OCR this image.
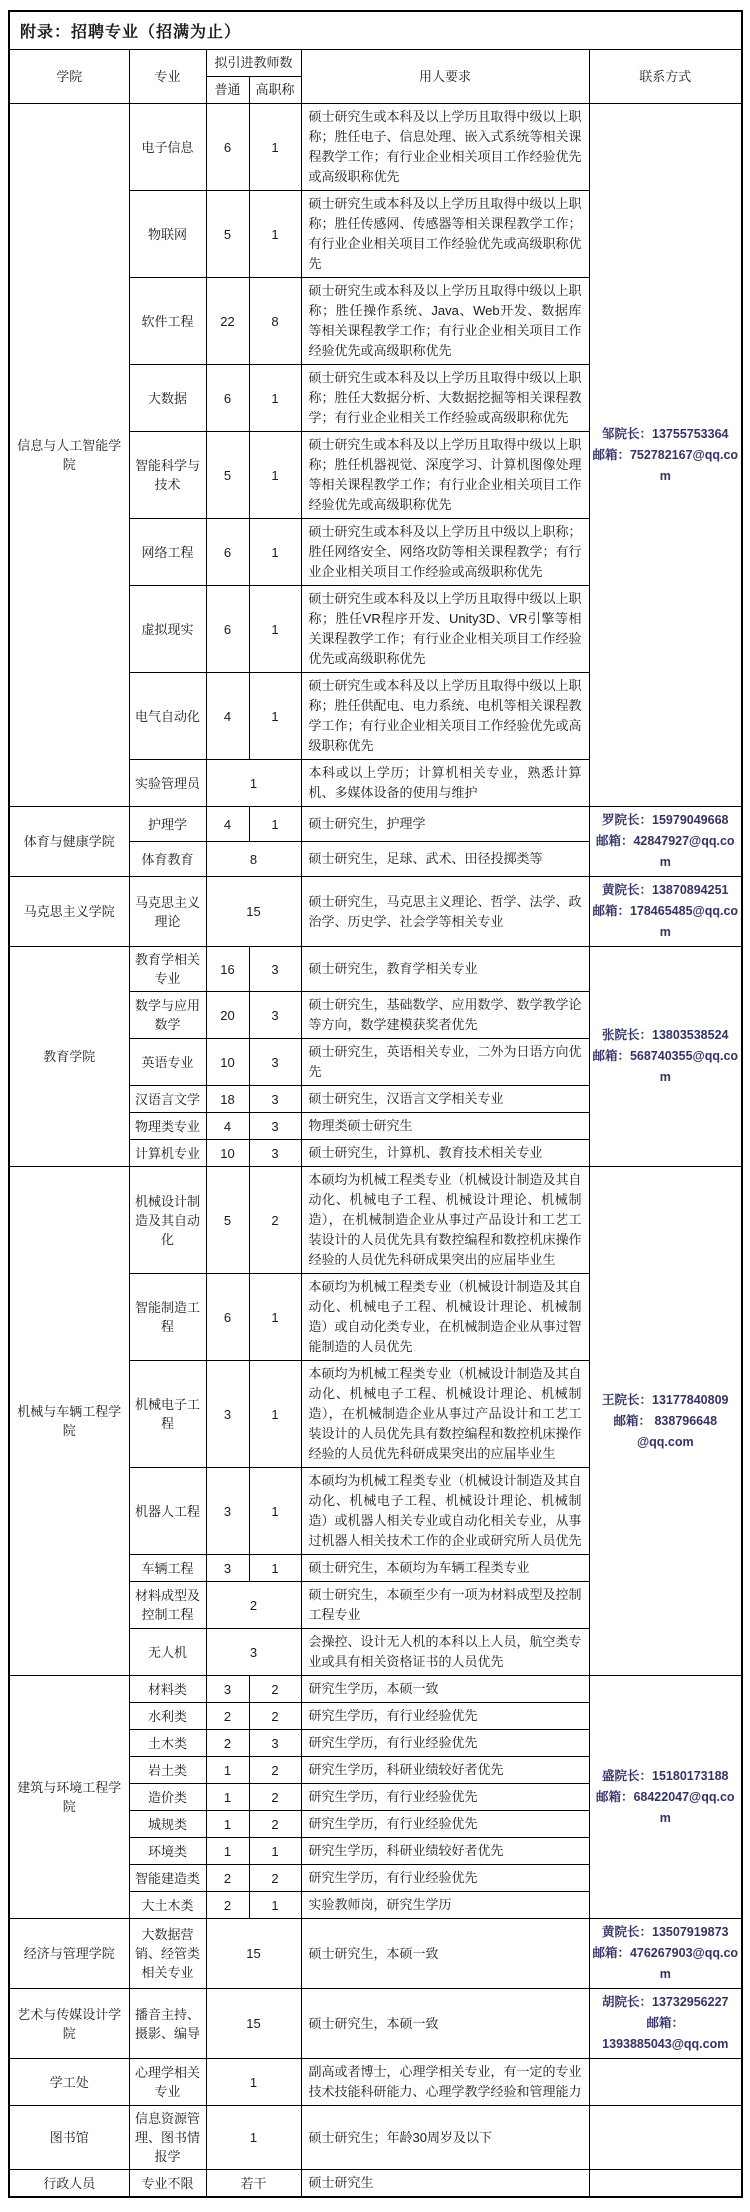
附录：招聘专业（招满为止）					
学院	专业	拟引进教师数		用人要求	联系方式
		普通	高职称		
信息与人工智能学院	电子信息	6	1	硕士研究生或本科及以上学历且取得中级以上职称；胜任电子、信息处理、嵌入式系统等相关课程教学工作；有行业企业相关项目工作经验优先或高级职称优先	邹院长：13755753364
邮箱：752782167@qq.com

	物联网	5	1	硕士研究生或本科及以上学历且取得中级以上职称；胜任传感网、传感器等相关课程教学工作；有行业企业相关项目工作经验优先或高级职称优先	
	软件工程	22	8	硕士研究生或本科及以上学历且取得中级以上职称；胜任操作系统、Java、Web开发、数据库等相关课程教学工作；有行业企业相关项目工作经验优先或高级职称优先	
	大数据	6	1	硕士研究生或本科及以上学历且取得中级以上职称；胜任大数据分析、大数据挖掘等相关课程教学；有行业企业相关工作经验或高级职称优先	
	智能科学与技术	5	1	硕士研究生或本科及以上学历且取得中级以上职称；胜任机器视觉、深度学习、计算机图像处理等相关课程教学工作；有行业企业相关项目工作经验优先或高级职称优先	
	网络工程	6	1	硕士研究生或本科及以上学历且中级以上职称；胜任网络安全、网络攻防等相关课程教学；有行业企业相关项目工作经验或高级职称优先	
	虚拟现实	6	1	硕士研究生或本科及以上学历且取得中级以上职称；胜任VR程序开发、Unity3D、VR引擎等相关课程教学工作；有行业企业相关项目工作经验优先或高级职称优先	
	电气自动化	4	1	硕士研究生或本科及以上学历且取得中级以上职称；胜任供配电、电力系统、电机等相关课程教学工作；有行业企业相关项目工作经验优先或高级职称优先	
	实验管理员	1		本科或以上学历；计算机相关专业，熟悉计算机、多媒体设备的使用与维护	
体育与健康学院	护理学	4	1	硕士研究生，护理学	罗院长：15979049668
邮箱：42847927@qq.com

	体育教育	8		硕士研究生，足球、武术、田径投掷类等	
马克思主义学院	马克思主义理论	15		硕士研究生，马克思主义理论、哲学、法学、政治学、历史学、社会学等相关专业	黄院长：13870894251
邮箱：178465485@qq.com

教育学院	教育学相关专业	16	3	硕士研究生，教育学相关专业	张院长：13803538524
邮箱：568740355@qq.com

	数学与应用数学	20	3	硕士研究生，基础数学、应用数学、数学教学论等方向，数学建模获奖者优先	
	英语专业	10	3	硕士研究生，英语相关专业，二外为日语方向优先	
	汉语言文学	18	3	硕士研究生，汉语言文学相关专业	
	物理类专业	4	3	物理类硕士研究生	
	计算机专业	10	3	硕士研究生，计算机、教育技术相关专业	
机械与车辆工程学院	机械设计制造及其自动化	5	2	本硕均为机械工程类专业（机械设计制造及其自动化、机械电子工程、机械设计理论、机械制造），在机械制造企业从事过产品设计和工艺工装设计的人员优先具有数控编程和数控机床操作经验的人员优先科研成果突出的应届毕业生	王院长：13177840809
邮箱： 838796648
@qq.com

	智能制造工程	6	1	本硕均为机械工程类专业（机械设计制造及其自动化、机械电子工程、机械设计理论、机械制造）或自动化类专业，在机械制造企业从事过智能制造的人员优先	
	机械电子工程	3	1	本硕均为机械工程类专业（机械设计制造及其自动化、机械电子工程、机械设计理论、机械制造），在机械制造企业从事过产品设计和工艺工装设计的人员优先具有数控编程和数控机床操作经验的人员优先科研成果突出的应届毕业生	
	机器人工程	3	1	本硕均为机械工程类专业（机械设计制造及其自动化、机械电子工程、机械设计理论、机械制造）或机器人相关专业或自动化相关专业，从事过机器人相关技术工作的企业或研究所人员优先	
	车辆工程	3	1	硕士研究生，本硕均为车辆工程类专业	
	材料成型及控制工程	2		硕士研究生，本硕至少有一项为材料成型及控制工程专业	
	无人机	3		会操控、设计无人机的本科以上人员，航空类专业或具有相关资格证书的人员优先	
建筑与环境工程学院	材料类	3	2	研究生学历，本硕一致	盛院长：15180173188
邮箱：68422047@qq.com

	水利类	2	2	研究生学历，有行业经验优先	
	土木类	2	3	研究生学历，有行业经验优先	
	岩土类	1	2	研究生学历，科研业绩较好者优先	
	造价类	1	2	研究生学历，有行业经验优先	
	城规类	1	2	研究生学历，有行业经验优先	
	环境类	1	1	研究生学历，科研业绩较好者优先	
	智能建造类	2	2	研究生学历，有行业经验优先	
	大土木类	2	1	实验教师岗，研究生学历	
经济与管理学院	大数据营销、经管类相关专业	15		硕士研究生，本硕一致	黄院长：13507919873
邮箱：476267903@qq.com

艺术与传媒设计学院	播音主持、摄影、编导	15		硕士研究生，本硕一致	胡院长：13732956227
邮箱：
1393885043@qq.com

学工处	心理学相关专业	1		副高或者博士，心理学相关专业，有一定的专业技术技能科研能力、心理学教学经验和管理能力	
图书馆	信息资源管理、图书情报学	1		硕士研究生；年龄30周岁及以下	
行政人员	专业不限	若干		硕士研究生	
